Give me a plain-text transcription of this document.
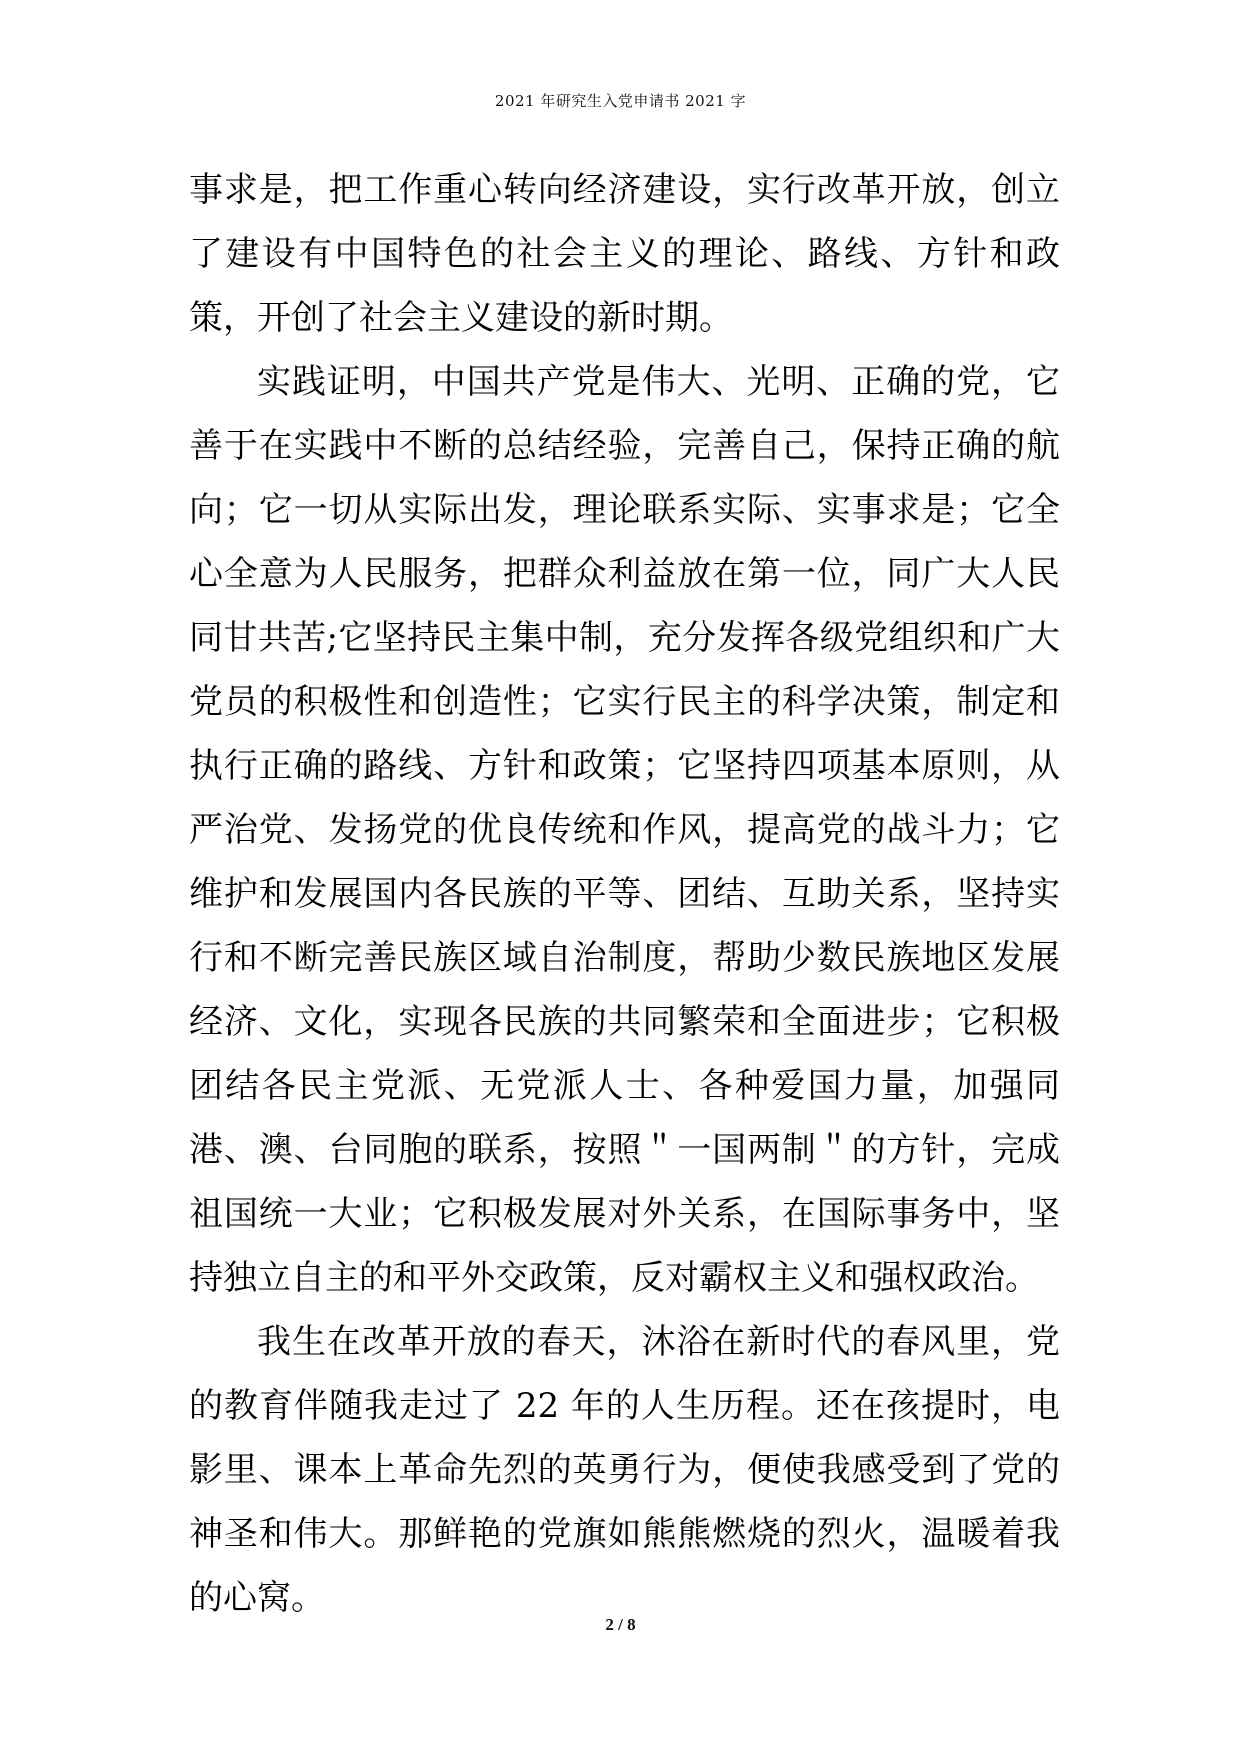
2021 年研究生入党申请书 2021 字

事求是，把工作重心转向经济建设，实行改革开放，创立了建设有中国特色的社会主义的理论、路线、方针和政策，开创了社会主义建设的新时期。

实践证明，中国共产党是伟大、光明、正确的党，它善于在实践中不断的总结经验，完善自己，保持正确的航向；它一切从实际出发，理论联系实际、实事求是；它全心全意为人民服务，把群众利益放在第一位，同广大人民同甘共苦;它坚持民主集中制，充分发挥各级党组织和广大党员的积极性和创造性；它实行民主的科学决策，制定和执行正确的路线、方针和政策；它坚持四项基本原则，从严治党、发扬党的优良传统和作风，提高党的战斗力；它维护和发展国内各民族的平等、团结、互助关系，坚持实行和不断完善民族区域自治制度，帮助少数民族地区发展经济、文化，实现各民族的共同繁荣和全面进步；它积极团结各民主党派、无党派人士、各种爱国力量，加强同港、澳、台同胞的联系，按照＂一国两制＂的方针，完成祖国统一大业；它积极发展对外关系，在国际事务中，坚持独立自主的和平外交政策，反对霸权主义和强权政治。

我生在改革开放的春天，沐浴在新时代的春风里，党的教育伴随我走过了 22 年的人生历程。还在孩提时，电影里、课本上革命先烈的英勇行为，便使我感受到了党的神圣和伟大。那鲜艳的党旗如熊熊燃烧的烈火，温暖着我的心窝。

2 / 8
